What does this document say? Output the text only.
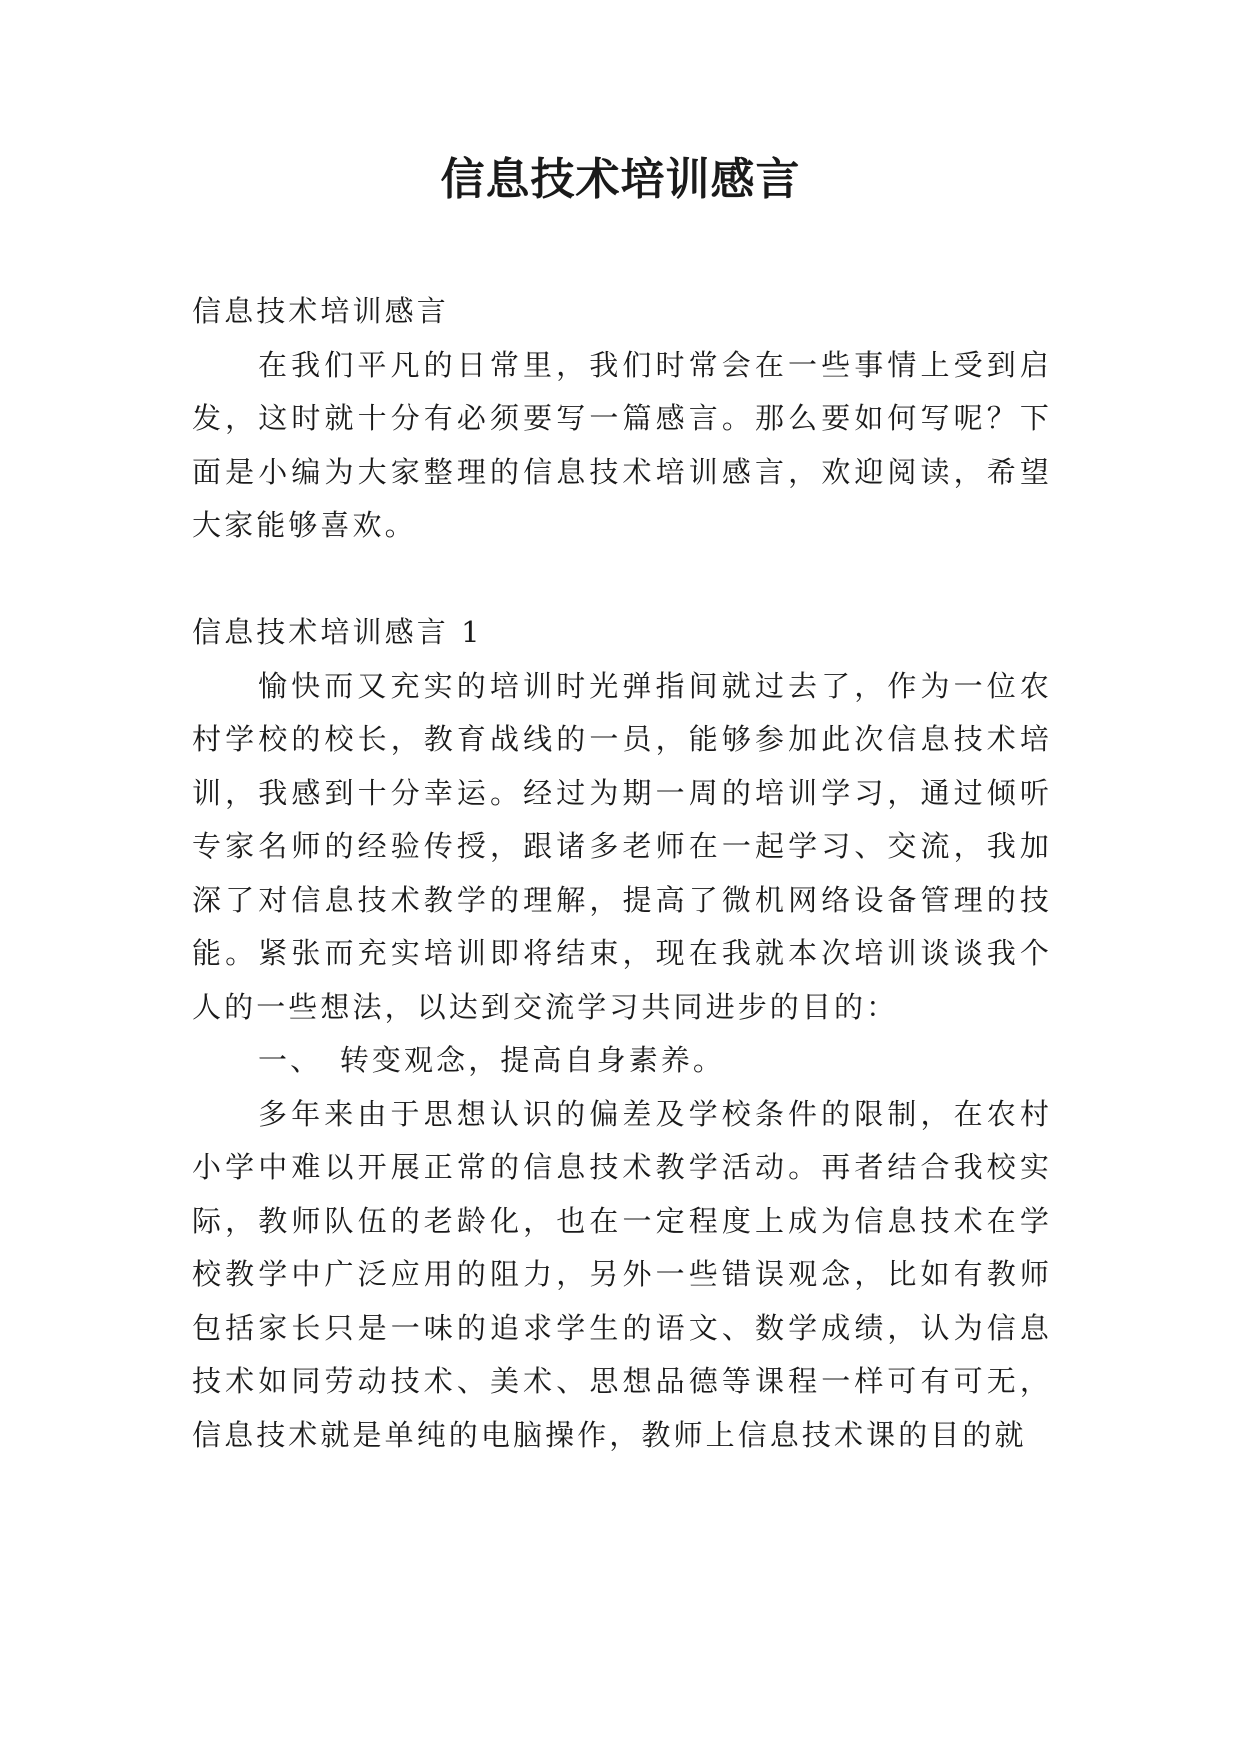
信息技术培训感言

信息技术培训感言

在我们平凡的日常里，我们时常会在一些事情上受到启发，这时就十分有必须要写一篇感言。那么要如何写呢？下面是小编为大家整理的信息技术培训感言，欢迎阅读，希望大家能够喜欢。

信息技术培训感言 1

愉快而又充实的培训时光弹指间就过去了，作为一位农村学校的校长，教育战线的一员，能够参加此次信息技术培训，我感到十分幸运。经过为期一周的培训学习，通过倾听专家名师的经验传授，跟诸多老师在一起学习、交流，我加深了对信息技术教学的理解，提高了微机网络设备管理的技能。紧张而充实培训即将结束，现在我就本次培训谈谈我个人的一些想法，以达到交流学习共同进步的目的：

一、　转变观念，提高自身素养。

多年来由于思想认识的偏差及学校条件的限制，在农村小学中难以开展正常的信息技术教学活动。再者结合我校实际，教师队伍的老龄化，也在一定程度上成为信息技术在学校教学中广泛应用的阻力，另外一些错误观念，比如有教师包括家长只是一味的追求学生的语文、数学成绩，认为信息技术如同劳动技术、美术、思想品德等课程一样可有可无，信息技术就是单纯的电脑操作，教师上信息技术课的目的就
